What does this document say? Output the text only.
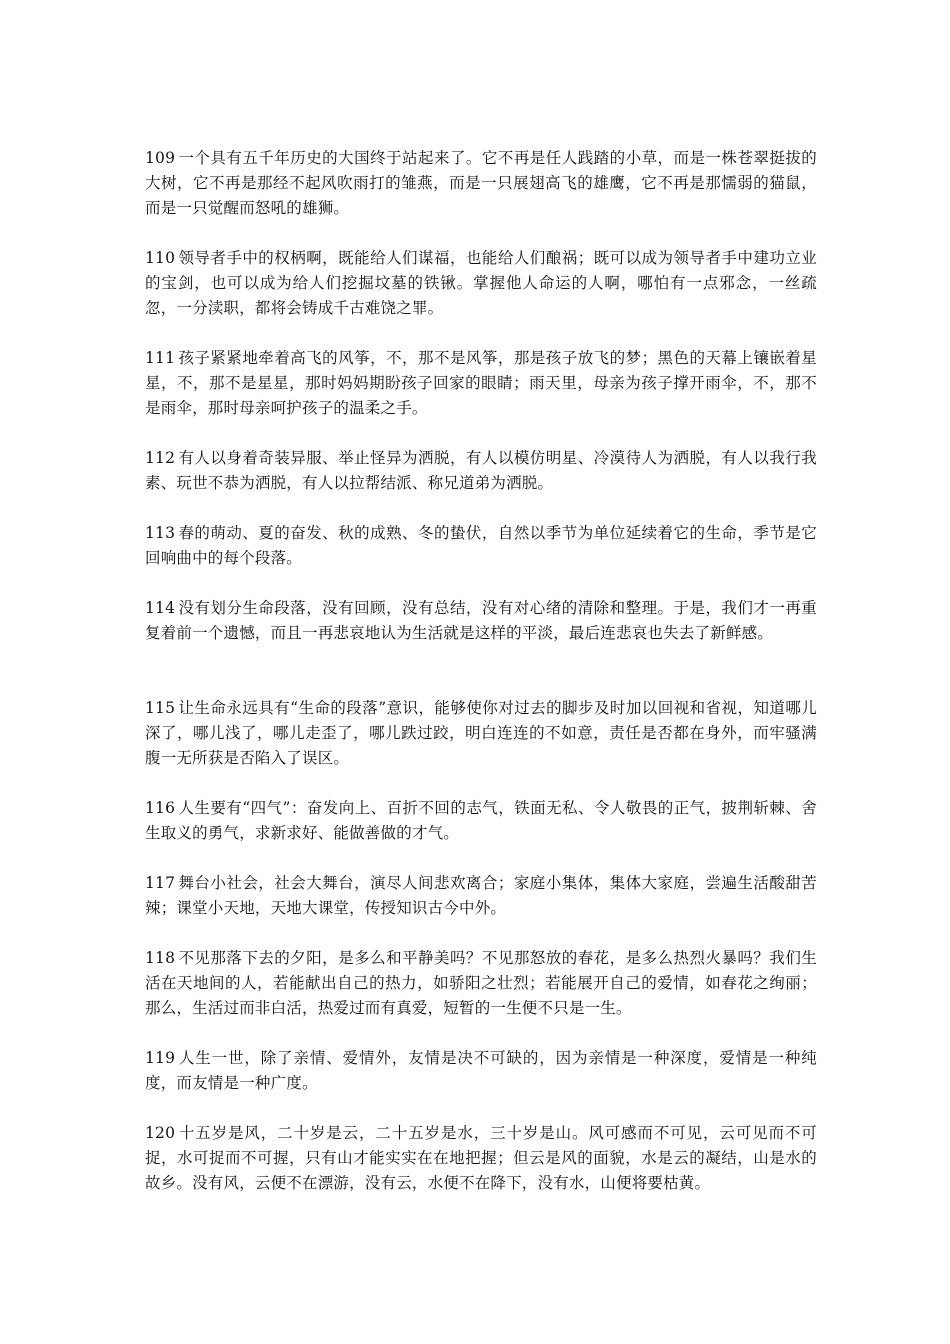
109 一个具有五千年历史的大国终于站起来了。它不再是任人践踏的小草，而是一株苍翠挺拔的大树，它不再是那经不起风吹雨打的雏燕，而是一只展翅高飞的雄鹰，它不再是那懦弱的猫鼠，而是一只觉醒而怒吼的雄狮。

110 领导者手中的权柄啊，既能给人们谋福，也能给人们酿祸；既可以成为领导者手中建功立业的宝剑，也可以成为给人们挖掘坟墓的铁锹。掌握他人命运的人啊，哪怕有一点邪念，一丝疏忽，一分渎职，都将会铸成千古难饶之罪。

111 孩子紧紧地牵着高飞的风筝，不，那不是风筝，那是孩子放飞的梦；黑色的天幕上镶嵌着星星，不，那不是星星，那时妈妈期盼孩子回家的眼睛；雨天里，母亲为孩子撑开雨伞，不，那不是雨伞，那时母亲呵护孩子的温柔之手。

112 有人以身着奇装异服、举止怪异为洒脱，有人以模仿明星、冷漠待人为洒脱，有人以我行我素、玩世不恭为洒脱，有人以拉帮结派、称兄道弟为洒脱。

113 春的萌动、夏的奋发、秋的成熟、冬的蛰伏，自然以季节为单位延续着它的生命，季节是它回响曲中的每个段落。

114 没有划分生命段落，没有回顾，没有总结，没有对心绪的清除和整理。于是，我们才一再重复着前一个遗憾，而且一再悲哀地认为生活就是这样的平淡，最后连悲哀也失去了新鲜感。

115 让生命永远具有“生命的段落”意识，能够使你对过去的脚步及时加以回视和省视，知道哪儿深了，哪儿浅了，哪儿走歪了，哪儿跌过跤，明白连连的不如意，责任是否都在身外，而牢骚满腹一无所获是否陷入了误区。

116 人生要有“四气”：奋发向上、百折不回的志气，铁面无私、令人敬畏的正气，披荆斩棘、舍生取义的勇气，求新求好、能做善做的才气。

117 舞台小社会，社会大舞台，演尽人间悲欢离合；家庭小集体，集体大家庭，尝遍生活酸甜苦辣；课堂小天地，天地大课堂，传授知识古今中外。

118 不见那落下去的夕阳，是多么和平静美吗？不见那怒放的春花，是多么热烈火暴吗？我们生活在天地间的人，若能献出自己的热力，如骄阳之壮烈；若能展开自己的爱情，如春花之绚丽；那么，生活过而非白活，热爱过而有真爱，短暂的一生便不只是一生。

119 人生一世，除了亲情、爱情外，友情是决不可缺的，因为亲情是一种深度，爱情是一种纯度，而友情是一种广度。

120 十五岁是风，二十岁是云，二十五岁是水，三十岁是山。风可感而不可见，云可见而不可捉，水可捉而不可握，只有山才能实实在在地把握；但云是风的面貌，水是云的凝结，山是水的故乡。没有风，云便不在漂游，没有云，水便不在降下，没有水，山便将要枯黄。
